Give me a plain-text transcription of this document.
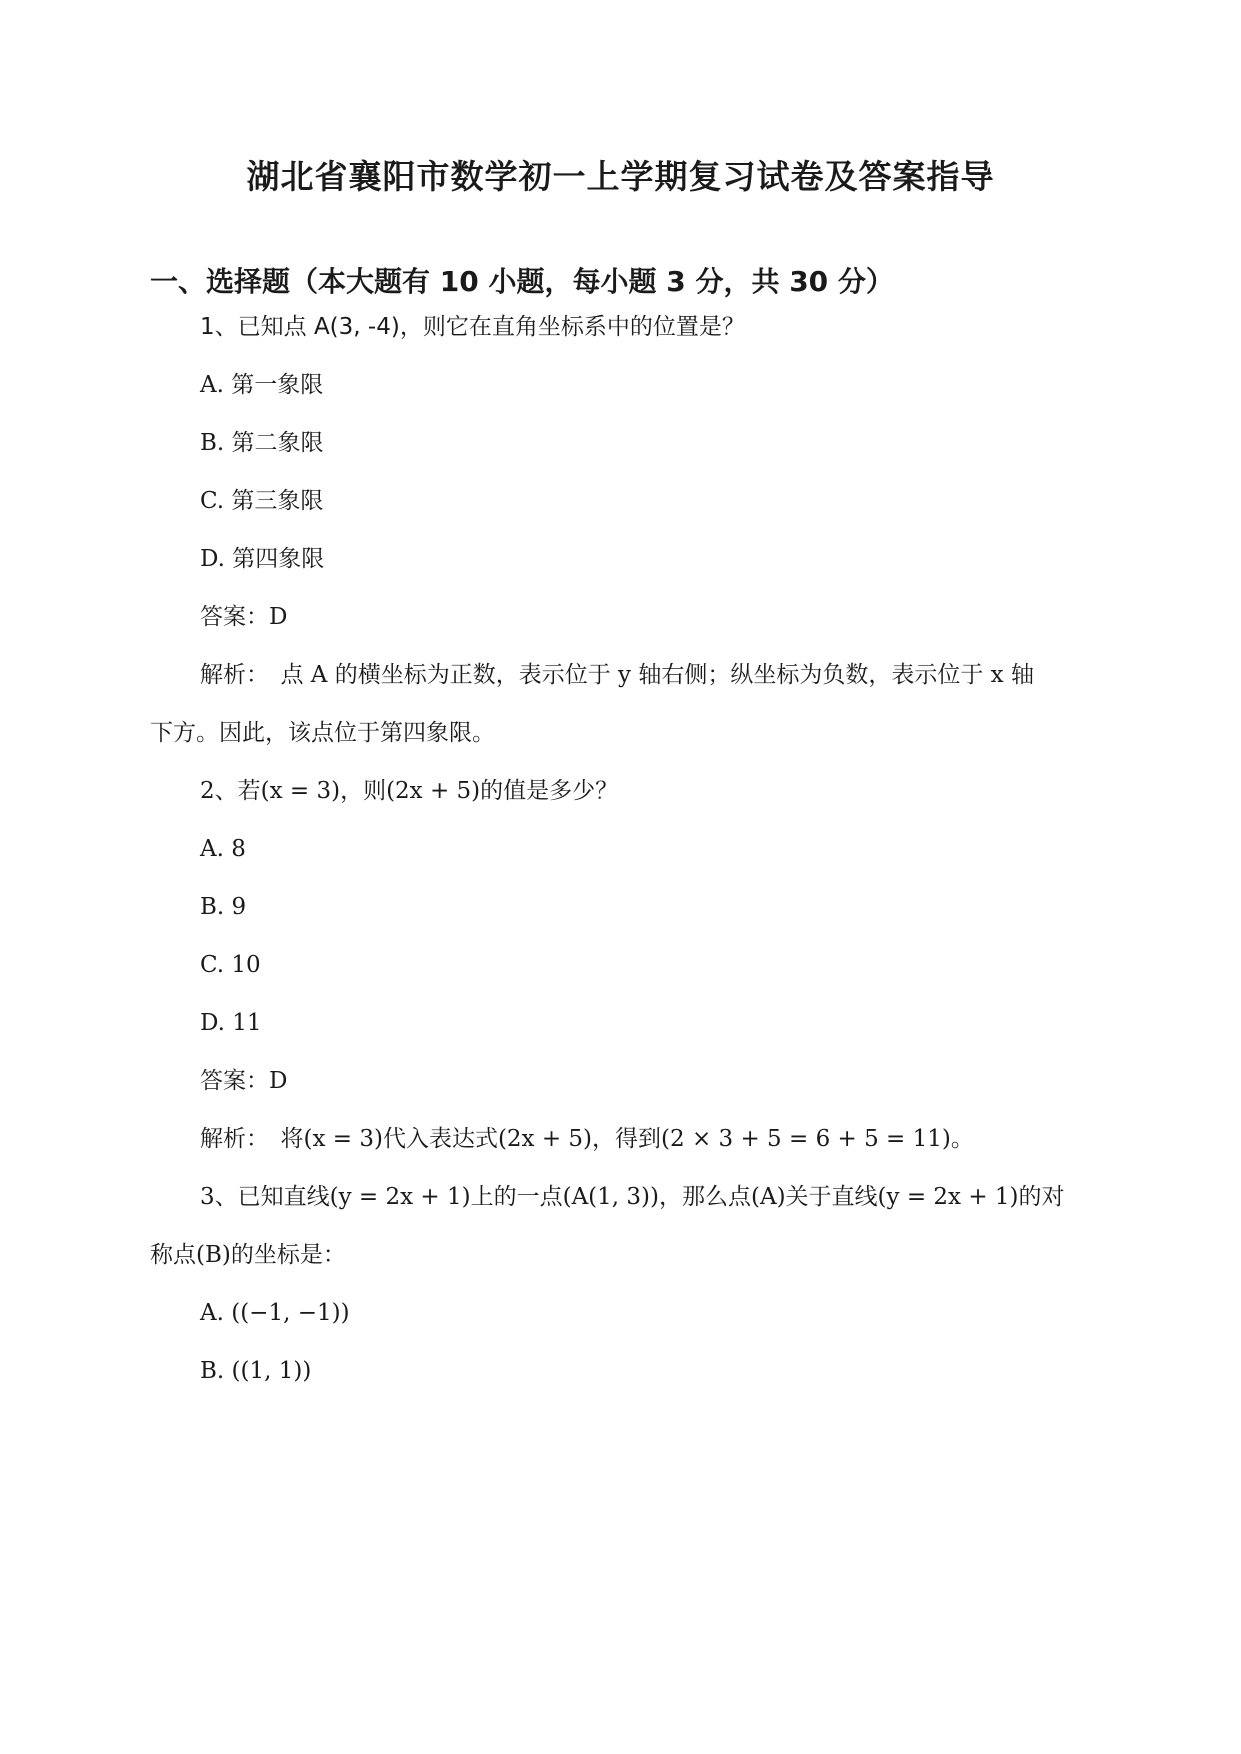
湖北省襄阳市数学初一上学期复习试卷及答案指导
一、选择题（本大题有 10 小题，每小题 3 分，共 30 分）
1、已知点 A(3, -4)，则它在直角坐标系中的位置是？
A. 第一象限
B. 第二象限
C. 第三象限
D. 第四象限
答案：D
解析：　点 A 的横坐标为正数，表示位于 y 轴右侧；纵坐标为负数，表示位于 x 轴
下方。因此，该点位于第四象限。
2、若(x = 3)，则(2x + 5)的值是多少？
A. 8
B. 9
C. 10
D. 11
答案：D
解析：　将(x = 3)代入表达式(2x + 5)，得到(2 × 3 + 5 = 6 + 5 = 11)。
3、已知直线(y = 2x + 1)上的一点(A(1, 3))，那么点(A)关于直线(y = 2x + 1)的对
称点(B)的坐标是：
A. ((−1, −1))
B. ((1, 1))
